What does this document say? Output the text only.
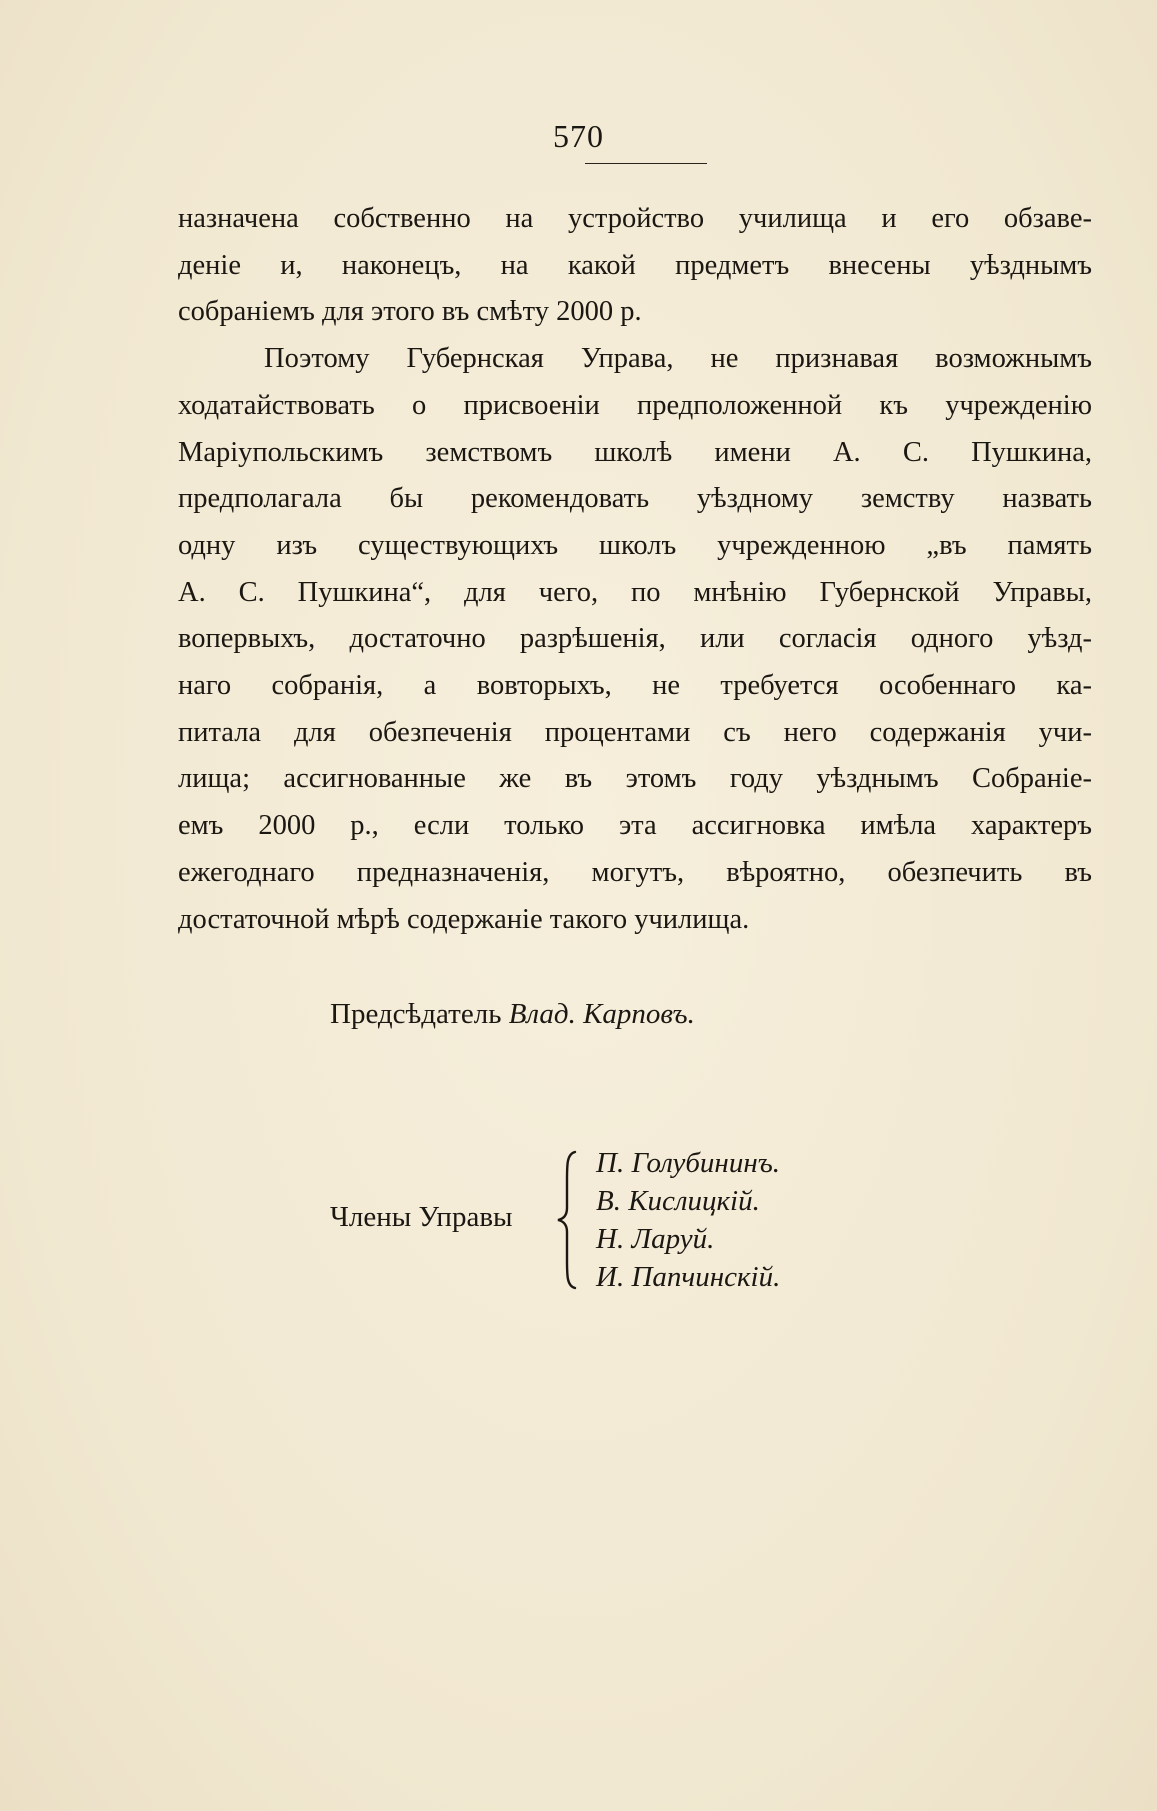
570
назначена собственно на устройство училища и его обзаве-
деніе и, наконецъ, на какой предметъ внесены уѣзднымъ
собраніемъ для этого въ смѣту 2000 р.
Поэтому Губернская Управа, не признавая возможнымъ
ходатайствовать о присвоеніи предположенной къ учрежденію
Маріупольскимъ земствомъ школѣ имени А. С. Пушкина,
предполагала бы рекомендовать уѣздному земству назвать
одну изъ существующихъ школъ учрежденною „въ память
А. С. Пушкина“, для чего, по мнѣнію Губернской Управы,
вопервыхъ, достаточно разрѣшенія, или согласія одного уѣзд-
наго собранія, а вовторыхъ, не требуется особеннаго ка-
питала для обезпеченія процентами съ него содержанія учи-
лища; ассигнованные же въ этомъ году уѣзднымъ Собраніе-
емъ 2000 р., если только эта ассигновка имѣла характеръ
ежегоднаго предназначенія, могутъ, вѣроятно, обезпечить въ
достаточной мѣрѣ содержаніе такого училища.
Предсѣдатель Влад. Карповъ.
Члены Управы
П. Голубининъ.
В. Кислицкій.
Н. Ларуй.
И. Папчинскій.
